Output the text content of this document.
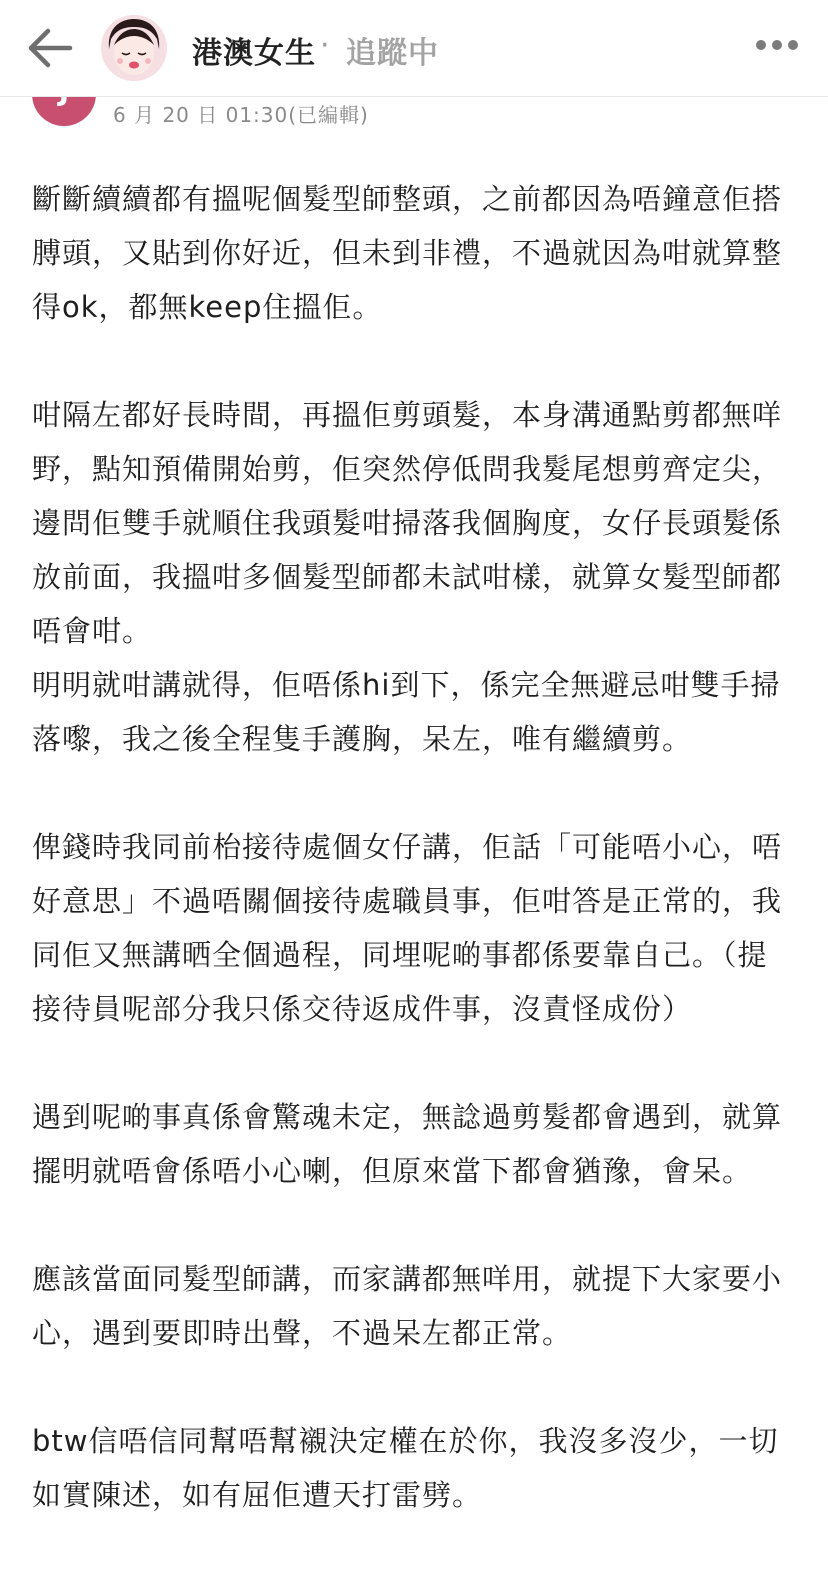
港澳女生 · 追蹤中
6 月 20 日 01:30(已編輯)

斷斷續續都有搵呢個髮型師整頭，之前都因為唔鐘意佢搭膊頭，又貼到你好近，但未到非禮，不過就因為咁就算整得ok，都無keep住搵佢。

咁隔左都好長時間，再搵佢剪頭髮，本身溝通點剪都無咩野，點知預備開始剪，佢突然停低問我髮尾想剪齊定尖，邊問佢雙手就順住我頭髮咁掃落我個胸度，女仔長頭髮係放前面，我搵咁多個髮型師都未試咁樣，就算女髮型師都唔會咁。

明明就咁講就得，佢唔係hi到下，係完全無避忌咁雙手掃落嚟，我之後全程隻手護胸，呆左，唯有繼續剪。

俾錢時我同前枱接待處個女仔講，佢話「可能唔小心，唔好意思」不過唔關個接待處職員事，佢咁答是正常的，我同佢又無講晒全個過程，同埋呢啲事都係要靠自己。（提接待員呢部分我只係交待返成件事，沒責怪成份）

遇到呢啲事真係會驚魂未定，無諗過剪髮都會遇到，就算擺明就唔會係唔小心喇，但原來當下都會猶豫，會呆。

應該當面同髮型師講，而家講都無咩用，就提下大家要小心，遇到要即時出聲，不過呆左都正常。

btw信唔信同幫唔幫襯決定權在於你，我沒多沒少，一切如實陳述，如有屈佢遭天打雷劈。
